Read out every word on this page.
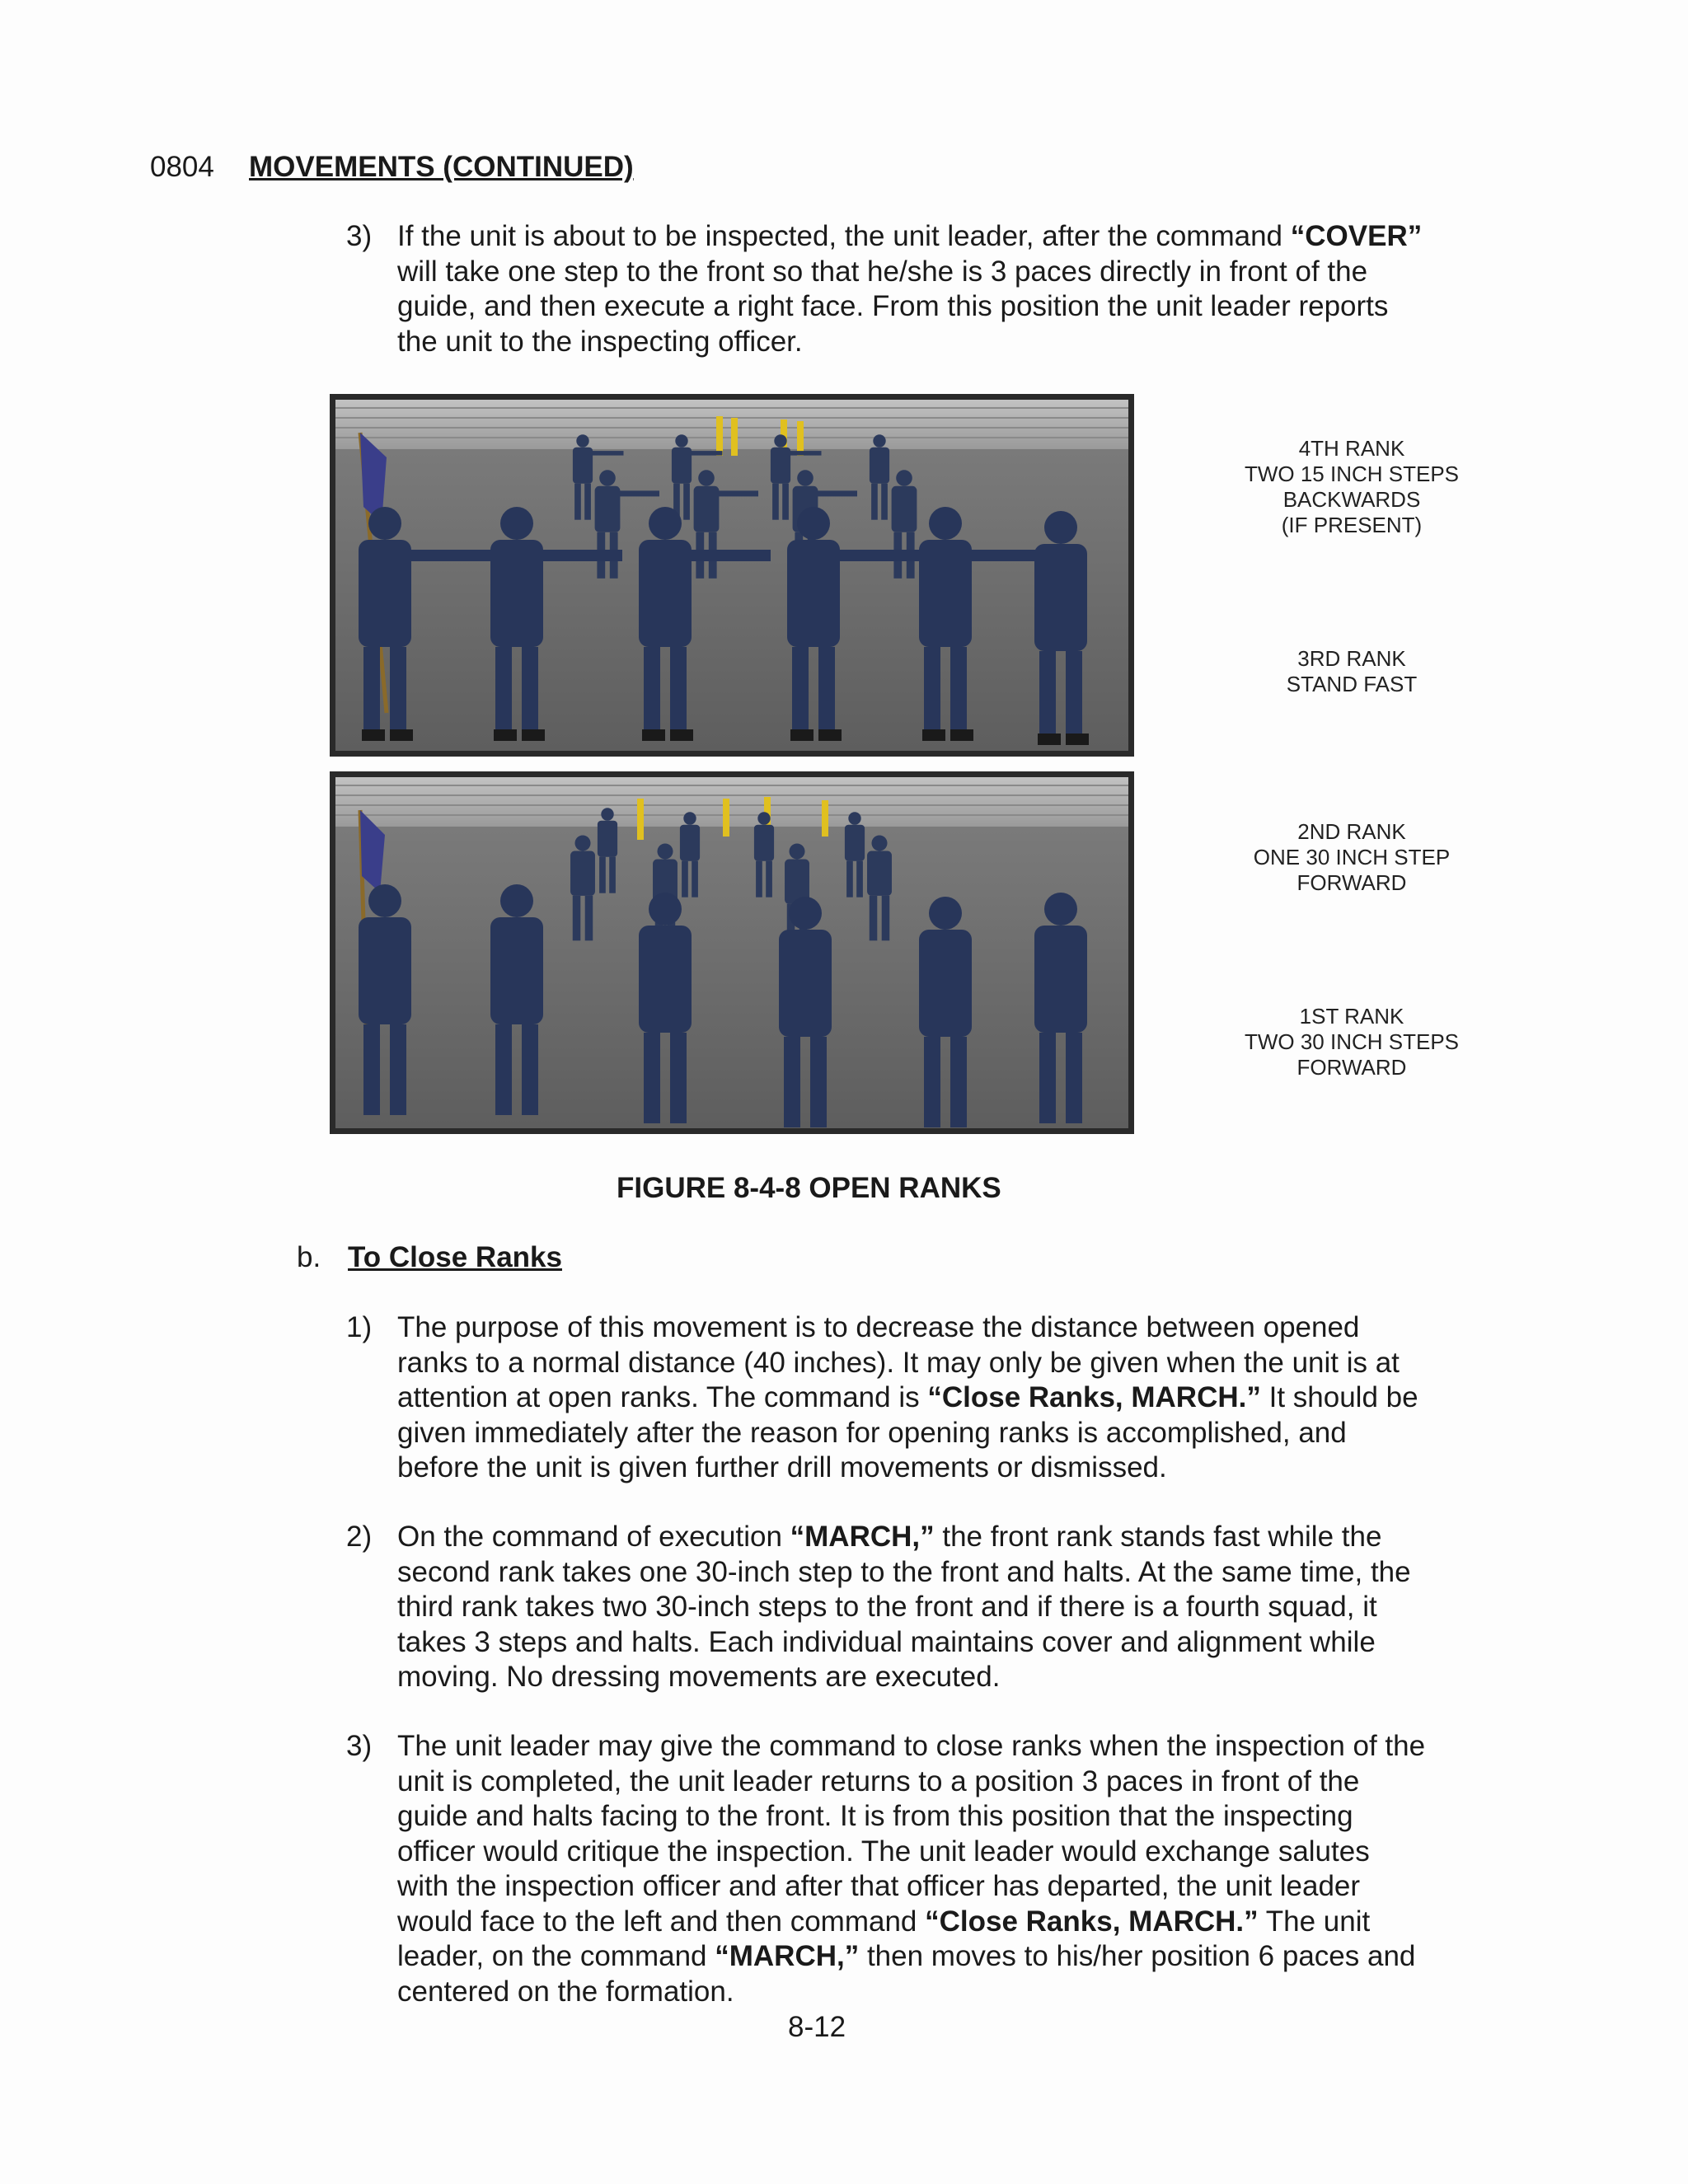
0804 MOVEMENTS (CONTINUED)
3) If the unit is about to be inspected, the unit leader, after the command “COVER”
will take one step to the front so that he/she is 3 paces directly in front of the
guide, and then execute a right face. From this position the unit leader reports
the unit to the inspecting officer.
4TH RANK
TWO 15 INCH STEPS
BACKWARDS
(IF PRESENT)
3RD RANK
STAND FAST
2ND RANK
ONE 30 INCH STEP
FORWARD
1ST RANK
TWO 30 INCH STEPS
FORWARD
FIGURE 8-4-8 OPEN RANKS
b. To Close Ranks
1) The purpose of this movement is to decrease the distance between opened
ranks to a normal distance (40 inches). It may only be given when the unit is at
attention at open ranks. The command is “Close Ranks, MARCH.” It should be
given immediately after the reason for opening ranks is accomplished, and
before the unit is given further drill movements or dismissed.
2) On the command of execution “MARCH,” the front rank stands fast while the
second rank takes one 30-inch step to the front and halts. At the same time, the
third rank takes two 30-inch steps to the front and if there is a fourth squad, it
takes 3 steps and halts. Each individual maintains cover and alignment while
moving. No dressing movements are executed.
3) The unit leader may give the command to close ranks when the inspection of the
unit is completed, the unit leader returns to a position 3 paces in front of the
guide and halts facing to the front. It is from this position that the inspecting
officer would critique the inspection. The unit leader would exchange salutes
with the inspection officer and after that officer has departed, the unit leader
would face to the left and then command “Close Ranks, MARCH.” The unit
leader, on the command “MARCH,” then moves to his/her position 6 paces and
centered on the formation.
8-12
